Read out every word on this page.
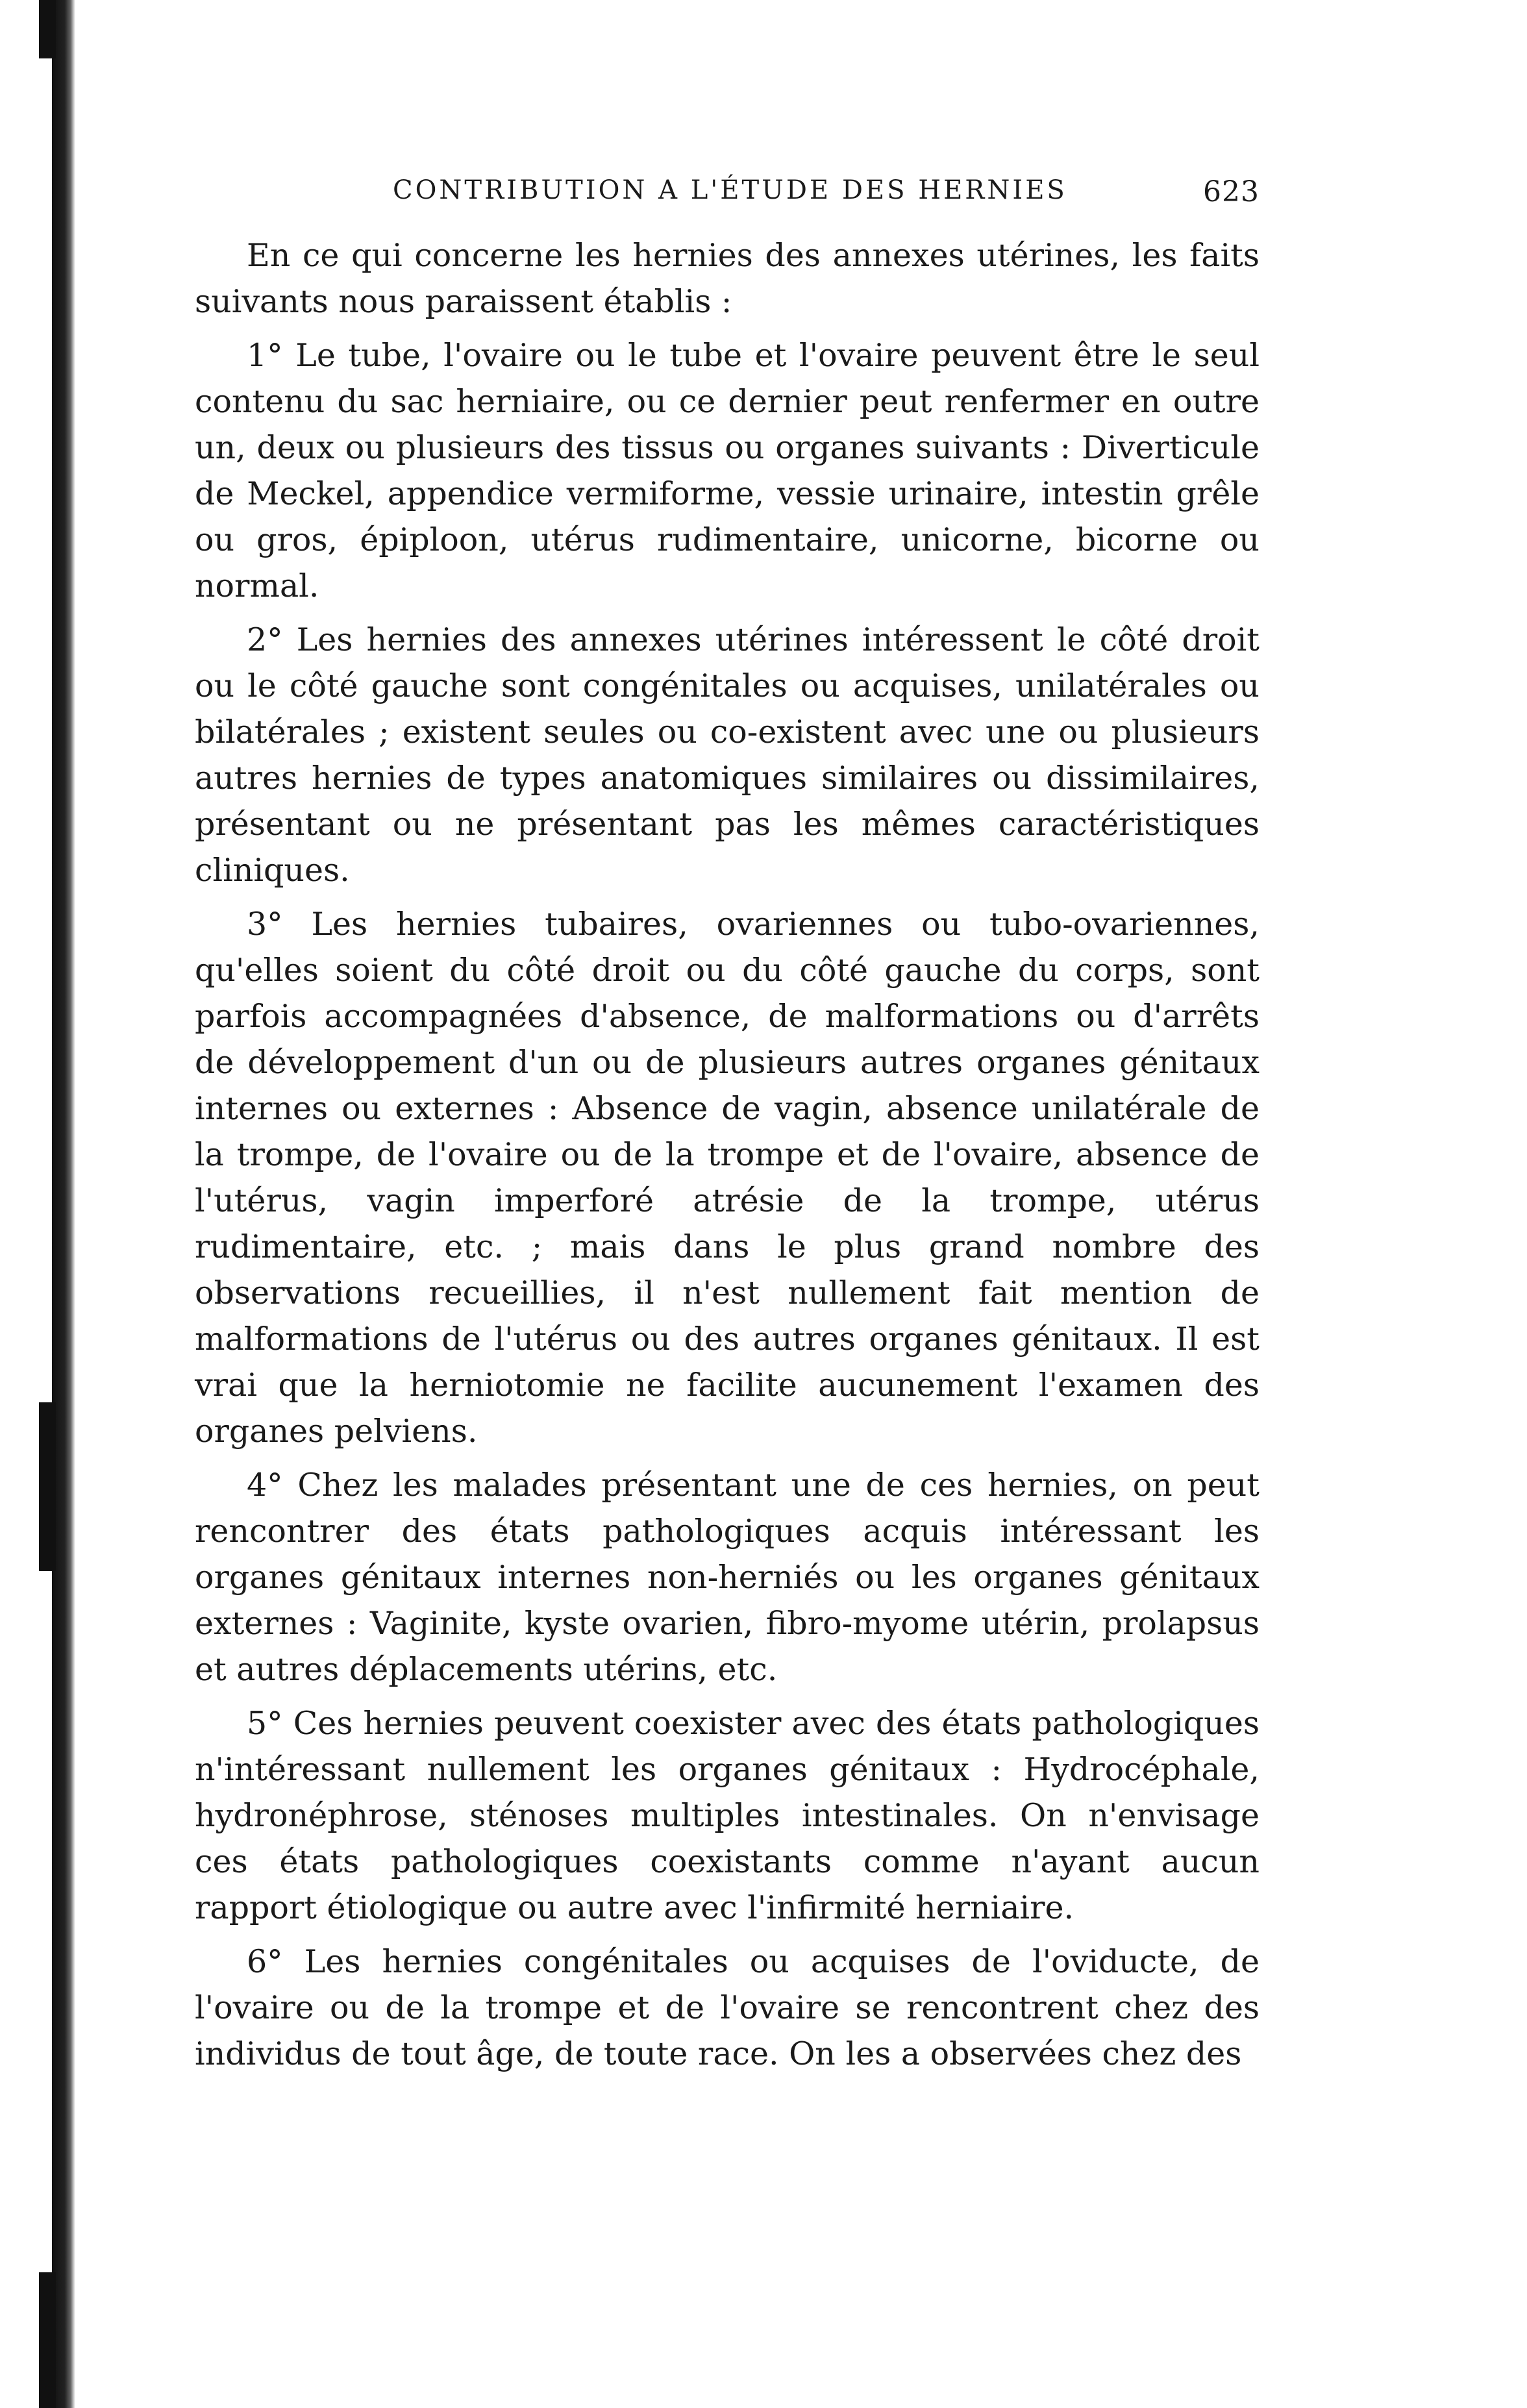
CONTRIBUTION A L'ÉTUDE DES HERNIES	623

En ce qui concerne les hernies des annexes utérines, les faits suivants nous paraissent établis :

1° Le tube, l'ovaire ou le tube et l'ovaire peuvent être le seul contenu du sac herniaire, ou ce dernier peut renfermer en outre un, deux ou plusieurs des tissus ou organes suivants : Diverticule de Meckel, appendice vermiforme, vessie urinaire, intestin grêle ou gros, épiploon, utérus rudimentaire, unicorne, bicorne ou normal.

2° Les hernies des annexes utérines intéressent le côté droit ou le côté gauche sont congénitales ou acquises, unilatérales ou bilatérales ; existent seules ou co-existent avec une ou plusieurs autres hernies de types anatomiques similaires ou dissimilaires, présentant ou ne présentant pas les mêmes caractéristiques cliniques.

3° Les hernies tubaires, ovariennes ou tubo-ovariennes, qu'elles soient du côté droit ou du côté gauche du corps, sont parfois accompagnées d'absence, de malformations ou d'arrêts de développement d'un ou de plusieurs autres organes génitaux internes ou externes : Absence de vagin, absence unilatérale de la trompe, de l'ovaire ou de la trompe et de l'ovaire, absence de l'utérus, vagin imperforé atrésie de la trompe, utérus rudimentaire, etc. ; mais dans le plus grand nombre des observations recueillies, il n'est nullement fait mention de malformations de l'utérus ou des autres organes génitaux. Il est vrai que la herniotomie ne facilite aucunement l'examen des organes pelviens.

4° Chez les malades présentant une de ces hernies, on peut rencontrer des états pathologiques acquis intéressant les organes génitaux internes non-herniés ou les organes génitaux externes : Vaginite, kyste ovarien, fibro-myome utérin, prolapsus et autres déplacements utérins, etc.

5° Ces hernies peuvent coexister avec des états pathologiques n'intéressant nullement les organes génitaux : Hydrocéphale, hydronéphrose, sténoses multiples intestinales. On n'envisage ces états pathologiques coexistants comme n'ayant aucun rapport étiologique ou autre avec l'infirmité herniaire.

6° Les hernies congénitales ou acquises de l'oviducte, de l'ovaire ou de la trompe et de l'ovaire se rencontrent chez des individus de tout âge, de toute race. On les a observées chez des
